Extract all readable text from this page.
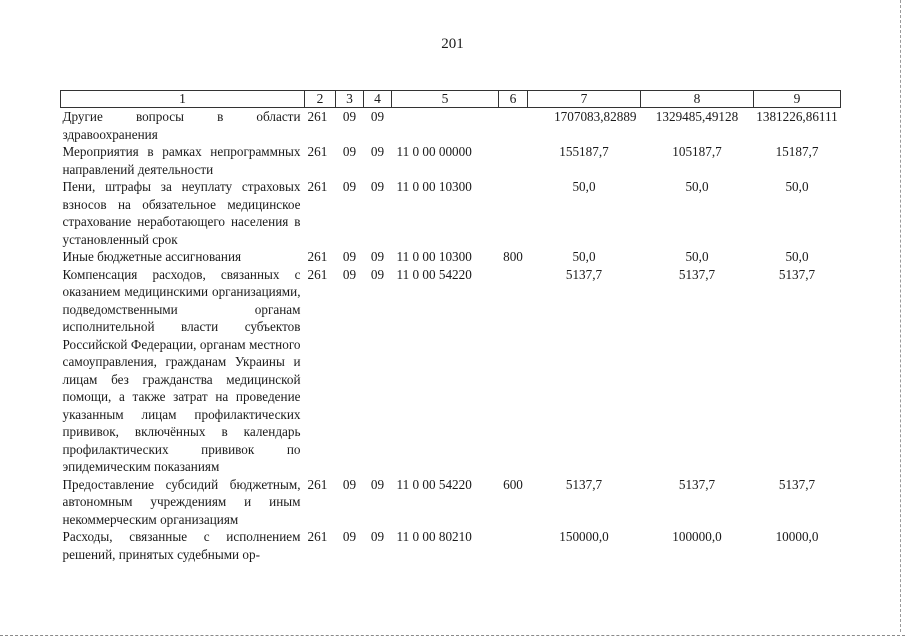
201
1	2	3	4	5	6	7	8	9
Другие вопросы в области здравоохранения	261	09	09			1707083,82889	1329485,49128	1381226,86111
Мероприятия в рамках непрограммных направлений деятельности	261	09	09	11 0 00 00000		155187,7	105187,7	15187,7
Пени, штрафы за неуплату страховых взносов на обязательное медицинское страхование неработающего населения в установленный срок	261	09	09	11 0 00 10300		50,0	50,0	50,0
Иные бюджетные ассигнования	261	09	09	11 0 00 10300	800	50,0	50,0	50,0
Компенсация расходов, связанных с оказанием медицинскими организациями, подведомственными органам исполнительной власти субъектов Российской Федерации, органам местного самоуправления, гражданам Украины и лицам без гражданства медицинской помощи, а также затрат на проведение указанным лицам профилактических прививок, включённых в календарь профилактических прививок по эпидемическим показаниям	261	09	09	11 0 00 54220		5137,7	5137,7	5137,7
Предоставление субсидий бюджетным, автономным учреждениям и иным некоммерческим организациям	261	09	09	11 0 00 54220	600	5137,7	5137,7	5137,7
Расходы, связанные с исполнением решений, принятых судебными ор-	261	09	09	11 0 00 80210		150000,0	100000,0	10000,0
